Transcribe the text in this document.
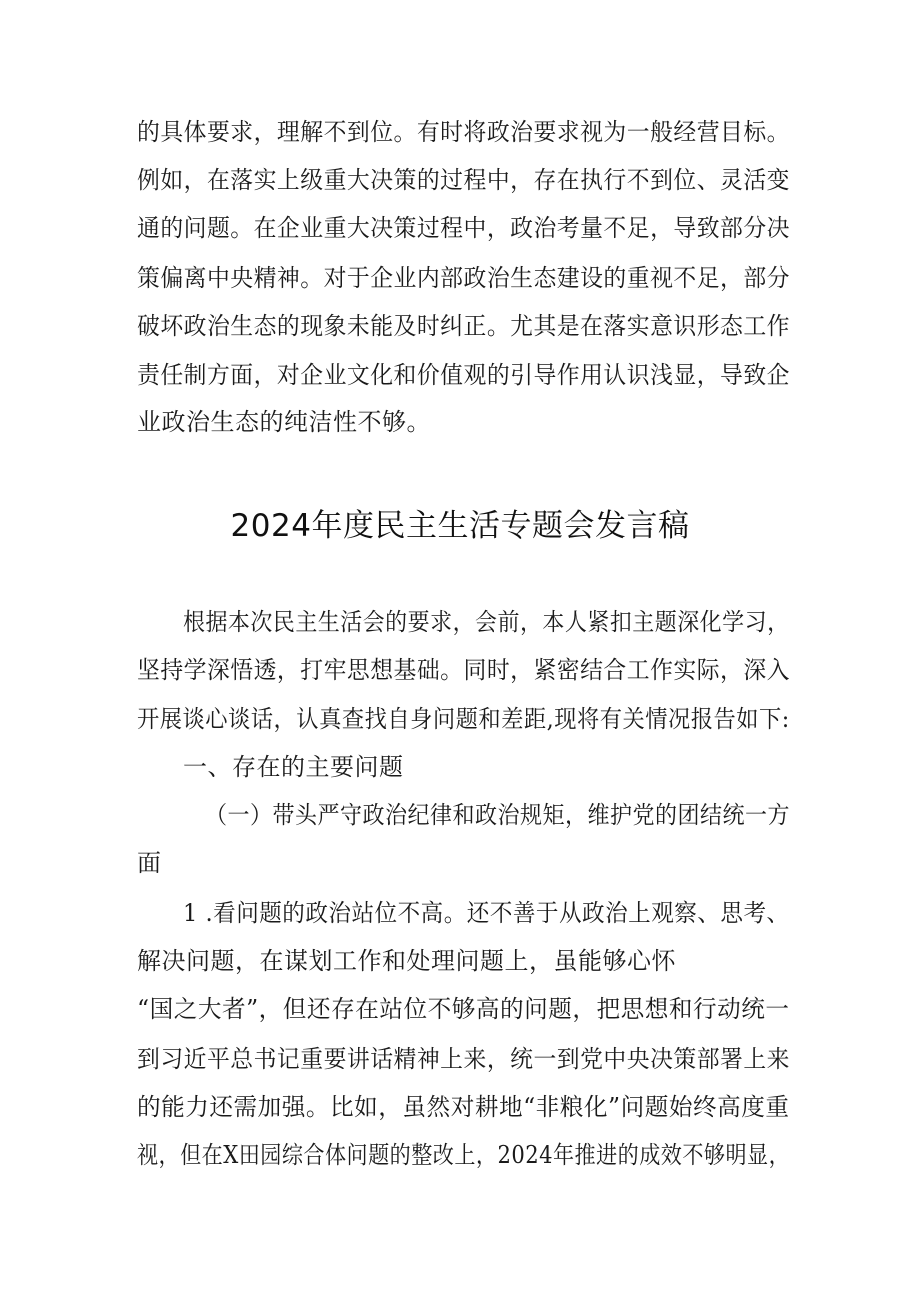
的具体要求，理解不到位。有时将政治要求视为一般经营目标。
例如，在落实上级重大决策的过程中，存在执行不到位、灵活变
通的问题。在企业重大决策过程中，政治考量不足，导致部分决
策偏离中央精神。对于企业内部政治生态建设的重视不足，部分
破坏政治生态的现象未能及时纠正。尤其是在落实意识形态工作
责任制方面，对企业文化和价值观的引导作用认识浅显，导致企
业政治生态的纯洁性不够。
2024年度民主生活专题会发言稿
根据本次民主生活会的要求，会前，本人紧扣主题深化学习，
坚持学深悟透，打牢思想基础。同时，紧密结合工作实际，深入
开展谈心谈话，认真查找自身问题和差距,现将有关情况报告如下:
一、存在的主要问题
（一）带头严守政治纪律和政治规矩，维护党的团结统一方
面
1 .看问题的政治站位不高。还不善于从政治上观察、思考、
解决问题，在谋划工作和处理问题上，虽能够心怀
“国之大者”，但还存在站位不够高的问题，把思想和行动统一
到习近平总书记重要讲话精神上来，统一到党中央决策部署上来
的能力还需加强。比如，虽然对耕地“非粮化”问题始终高度重
视，但在X田园综合体问题的整改上，2024年推进的成效不够明显，
